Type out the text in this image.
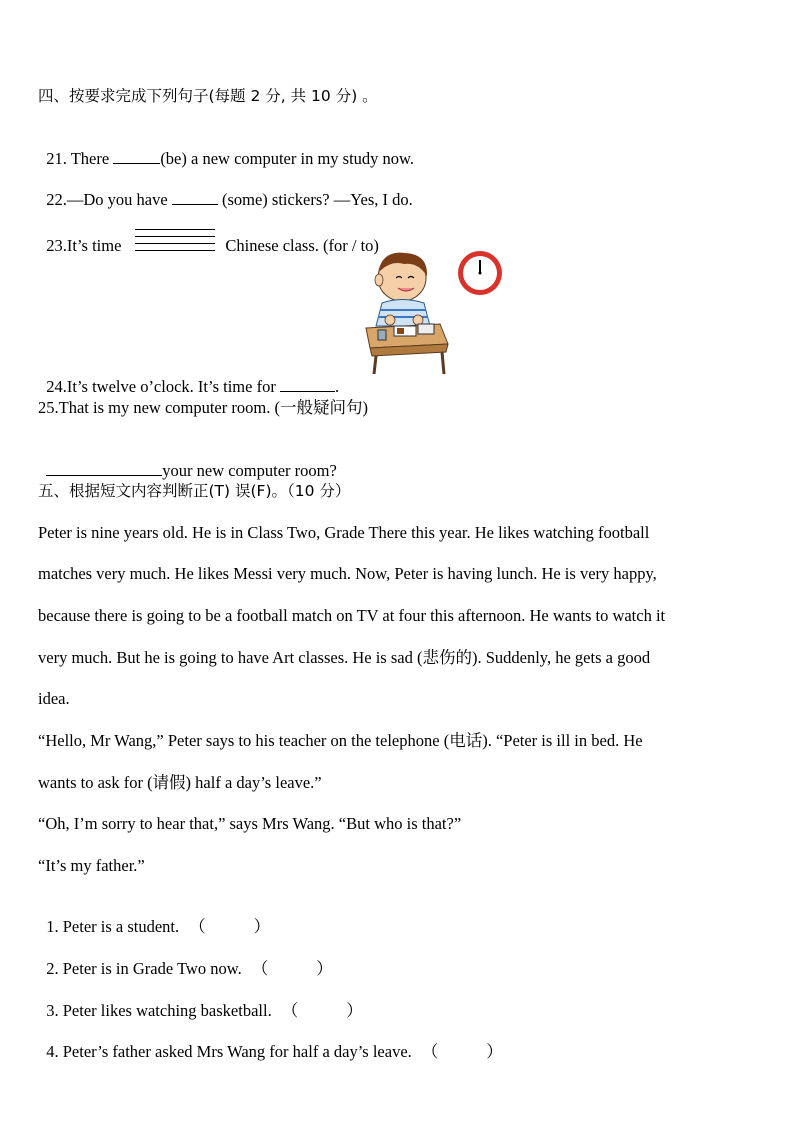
四、按要求完成下列句子(每题 2 分, 共 10 分) 。

21. There	(be) a new computer in my study now.

22.—Do you have	(some) stickers? —Yes, I do.

23.It’s time	Chinese class. (for / to)

24.It’s twelve o’clock. It’s time for	.

25.That is my new computer room. (一般疑问句)

your new computer room?

五、根据短文内容判断正(T) 误(F)。（10 分）
Peter is nine years old. He is in Class Two, Grade There this year. He likes watching football
matches very much. He likes Messi very much. Now, Peter is having lunch. He is very happy,
because there is going to be a football match on TV at four this afternoon. He wants to watch it
very much. But he is going to have Art classes. He is sad (悲伤的). Suddenly, he gets a good
idea.
“Hello, Mr Wang,” Peter says to his teacher on the telephone (电话). “Peter is ill in bed. He
wants to ask for (请假) half a day’s leave.”
“Oh, I’m sorry to hear that,” says Mrs Wang. “But who is that?”
“It’s my father.”

1. Peter is a student. （	）

2. Peter is in Grade Two now. （	）

3. Peter likes watching basketball. （	）

4. Peter’s father asked Mrs Wang for half a day’s leave. （	）
